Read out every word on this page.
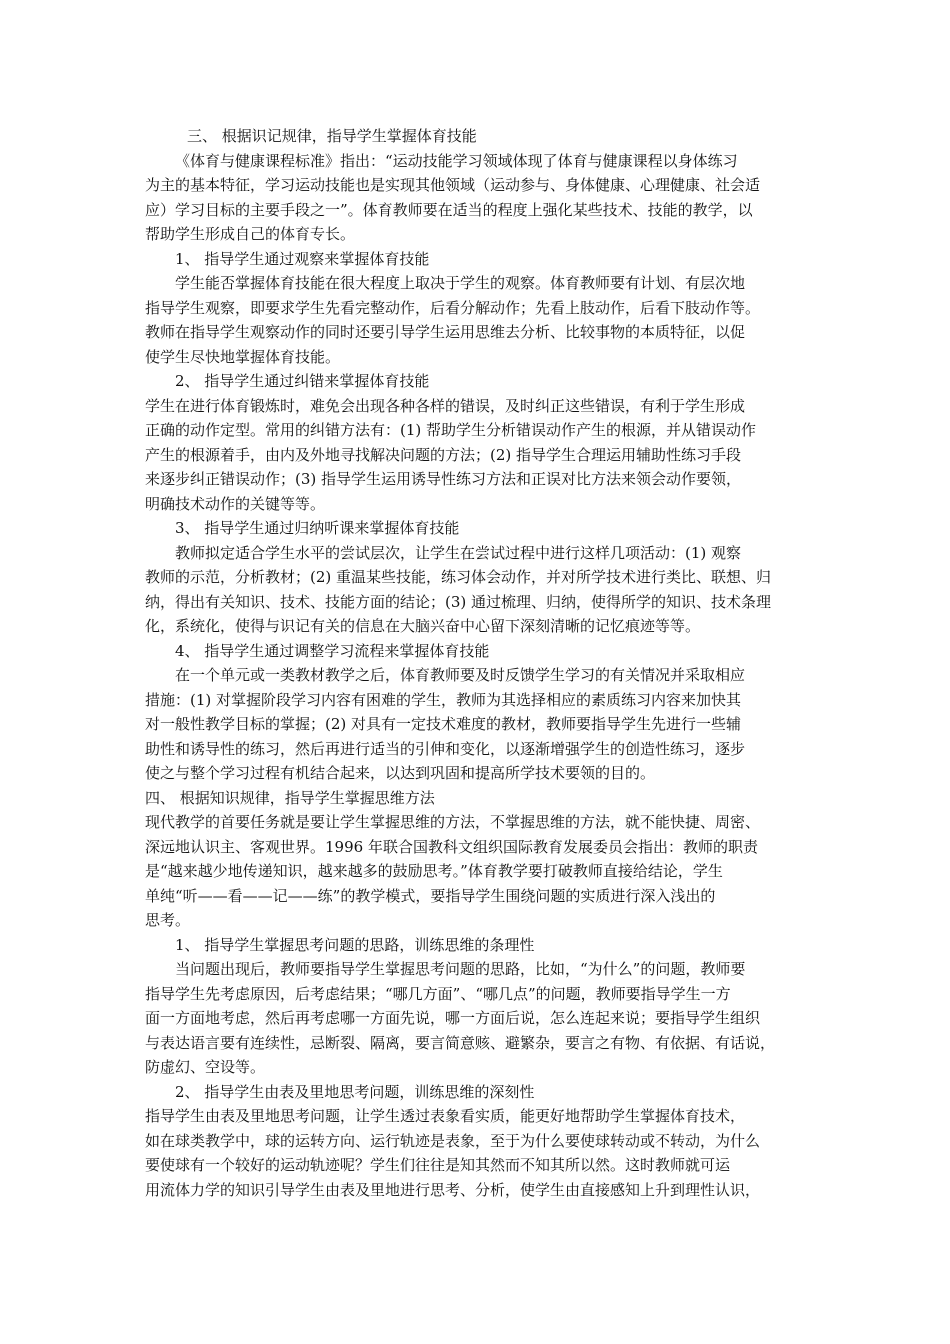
三、 根据识记规律，指导学生掌握体育技能
《体育与健康课程标准》指出：“运动技能学习领域体现了体育与健康课程以身体练习
为主的基本特征，学习运动技能也是实现其他领域（运动参与、身体健康、心理健康、社会适
应）学习目标的主要手段之一”。体育教师要在适当的程度上强化某些技术、技能的教学，以
帮助学生形成自己的体育专长。
1、 指导学生通过观察来掌握体育技能
学生能否掌握体育技能在很大程度上取决于学生的观察。体育教师要有计划、有层次地
指导学生观察，即要求学生先看完整动作，后看分解动作；先看上肢动作，后看下肢动作等。
教师在指导学生观察动作的同时还要引导学生运用思维去分析、比较事物的本质特征，以促
使学生尽快地掌握体育技能。
2、 指导学生通过纠错来掌握体育技能
学生在进行体育锻炼时，难免会出现各种各样的错误，及时纠正这些错误，有利于学生形成
正确的动作定型。常用的纠错方法有：(1) 帮助学生分析错误动作产生的根源，并从错误动作
产生的根源着手，由内及外地寻找解决问题的方法；(2) 指导学生合理运用辅助性练习手段
来逐步纠正错误动作；(3) 指导学生运用诱导性练习方法和正误对比方法来领会动作要领，
明确技术动作的关键等等。
3、 指导学生通过归纳听课来掌握体育技能
教师拟定适合学生水平的尝试层次，让学生在尝试过程中进行这样几项活动：(1) 观察
教师的示范，分析教材；(2) 重温某些技能，练习体会动作，并对所学技术进行类比、联想、归
纳，得出有关知识、技术、技能方面的结论；(3) 通过梳理、归纳，使得所学的知识、技术条理
化，系统化，使得与识记有关的信息在大脑兴奋中心留下深刻清晰的记忆痕迹等等。
4、 指导学生通过调整学习流程来掌握体育技能
在一个单元或一类教材教学之后，体育教师要及时反馈学生学习的有关情况并采取相应
措施：(1) 对掌握阶段学习内容有困难的学生，教师为其选择相应的素质练习内容来加快其
对一般性教学目标的掌握；(2) 对具有一定技术难度的教材，教师要指导学生先进行一些辅
助性和诱导性的练习，然后再进行适当的引伸和变化，以逐渐增强学生的创造性练习，逐步
使之与整个学习过程有机结合起来，以达到巩固和提高所学技术要领的目的。
四、 根据知识规律，指导学生掌握思维方法
现代教学的首要任务就是要让学生掌握思维的方法，不掌握思维的方法，就不能快捷、周密、
深远地认识主、客观世界。1996 年联合国教科文组织国际教育发展委员会指出：教师的职责
是“越来越少地传递知识，越来越多的鼓励思考。”体育教学要打破教师直接给结论，学生
单纯“听——看——记——练”的教学模式，要指导学生围绕问题的实质进行深入浅出的
思考。
1、 指导学生掌握思考问题的思路，训练思维的条理性
当问题出现后，教师要指导学生掌握思考问题的思路，比如，“为什么”的问题，教师要
指导学生先考虑原因，后考虑结果；“哪几方面”、“哪几点”的问题，教师要指导学生一方
面一方面地考虑，然后再考虑哪一方面先说，哪一方面后说，怎么连起来说；要指导学生组织
与表达语言要有连续性，忌断裂、隔离，要言简意赅、避繁杂，要言之有物、有依据、有话说，
防虚幻、空设等。
2、 指导学生由表及里地思考问题，训练思维的深刻性
指导学生由表及里地思考问题，让学生透过表象看实质，能更好地帮助学生掌握体育技术，
如在球类教学中，球的运转方向、运行轨迹是表象，至于为什么要使球转动或不转动，为什么
要使球有一个较好的运动轨迹呢？学生们往往是知其然而不知其所以然。这时教师就可运
用流体力学的知识引导学生由表及里地进行思考、分析，使学生由直接感知上升到理性认识，
